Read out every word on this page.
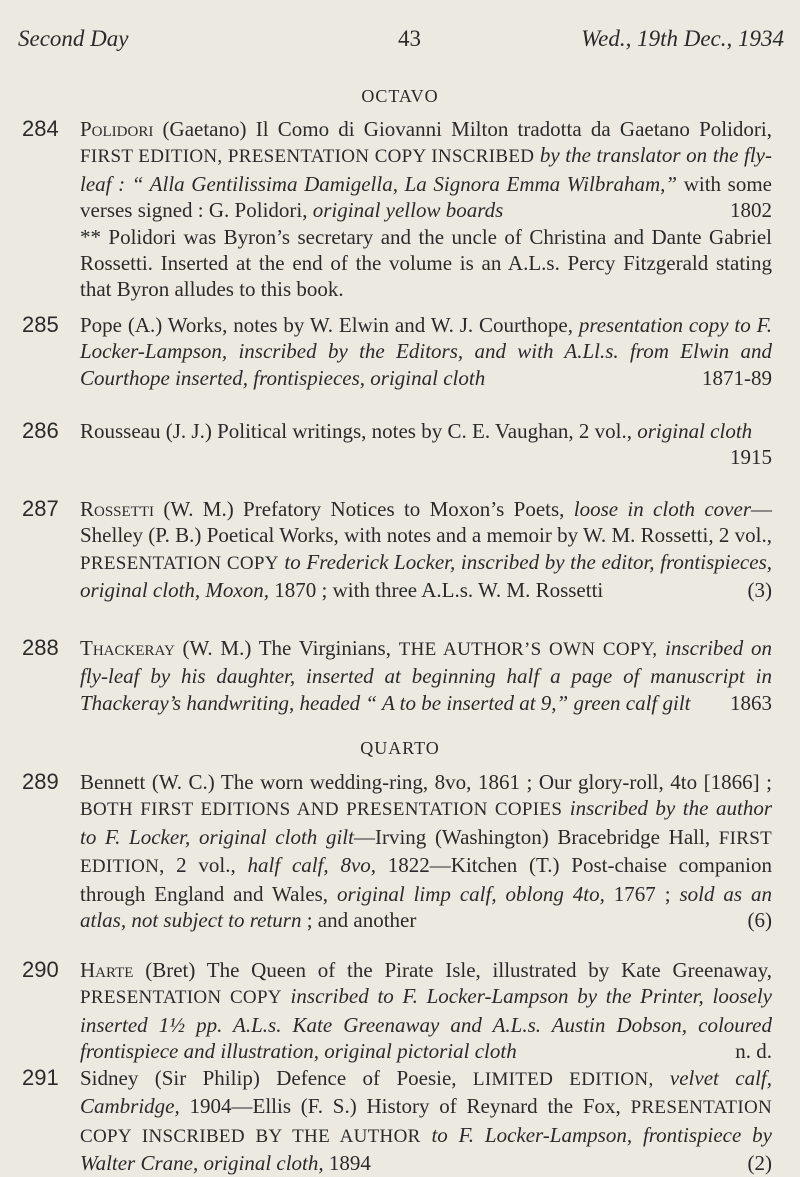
Second Day	43	Wed., 19th Dec., 1934
OCTAVO
284 Polidori (Gaetano) Il Como di Giovanni Milton tradotta da Gaetano Polidori, FIRST EDITION, PRESENTATION COPY INSCRIBED by the translator on the fly-leaf : “ Alla Gentilissima Damigella, La Signora Emma Wilbraham,” with some verses signed : G. Polidori, original yellow boards	1802
** Polidori was Byron’s secretary and the uncle of Christina and Dante Gabriel Rossetti. Inserted at the end of the volume is an A.L.s. Percy Fitzgerald stating that Byron alludes to this book.
285 Pope (A.) Works, notes by W. Elwin and W. J. Courthope, presentation copy to F. Locker-Lampson, inscribed by the Editors, and with A.Ll.s. from Elwin and Courthope inserted, frontispieces, original cloth	1871-89
286 Rousseau (J. J.) Political writings, notes by C. E. Vaughan, 2 vol., original cloth
1915
287 Rossetti (W. M.) Prefatory Notices to Moxon’s Poets, loose in cloth cover—Shelley (P. B.) Poetical Works, with notes and a memoir by W. M. Rossetti, 2 vol., PRESENTATION COPY to Frederick Locker, inscribed by the editor, frontispieces, original cloth, Moxon, 1870 ; with three A.L.s. W. M. Rossetti	(3)
288 Thackeray (W. M.) The Virginians, THE AUTHOR’S OWN COPY, inscribed on fly-leaf by his daughter, inserted at beginning half a page of manuscript in Thackeray’s handwriting, headed “ A to be inserted at 9,” green calf gilt 1863
QUARTO
289 Bennett (W. C.) The worn wedding-ring, 8vo, 1861 ; Our glory-roll, 4to [1866] ; BOTH FIRST EDITIONS AND PRESENTATION COPIES inscribed by the author to F. Locker, original cloth gilt—Irving (Washington) Bracebridge Hall, FIRST EDITION, 2 vol., half calf, 8vo, 1822—Kitchen (T.) Post-chaise companion through England and Wales, original limp calf, oblong 4to, 1767 ; sold as an atlas, not subject to return ; and another	(6)
290 Harte (Bret) The Queen of the Pirate Isle, illustrated by Kate Greenaway, PRESENTATION COPY inscribed to F. Locker-Lampson by the Printer, loosely inserted 1½ pp. A.L.s. Kate Greenaway and A.L.s. Austin Dobson, coloured frontispiece and illustration, original pictorial cloth	n. d.
291 Sidney (Sir Philip) Defence of Poesie, LIMITED EDITION, velvet calf, Cambridge, 1904—Ellis (F. S.) History of Reynard the Fox, PRESENTATION COPY INSCRIBED BY THE AUTHOR to F. Locker-Lampson, frontispiece by Walter Crane, original cloth, 1894	(2)
